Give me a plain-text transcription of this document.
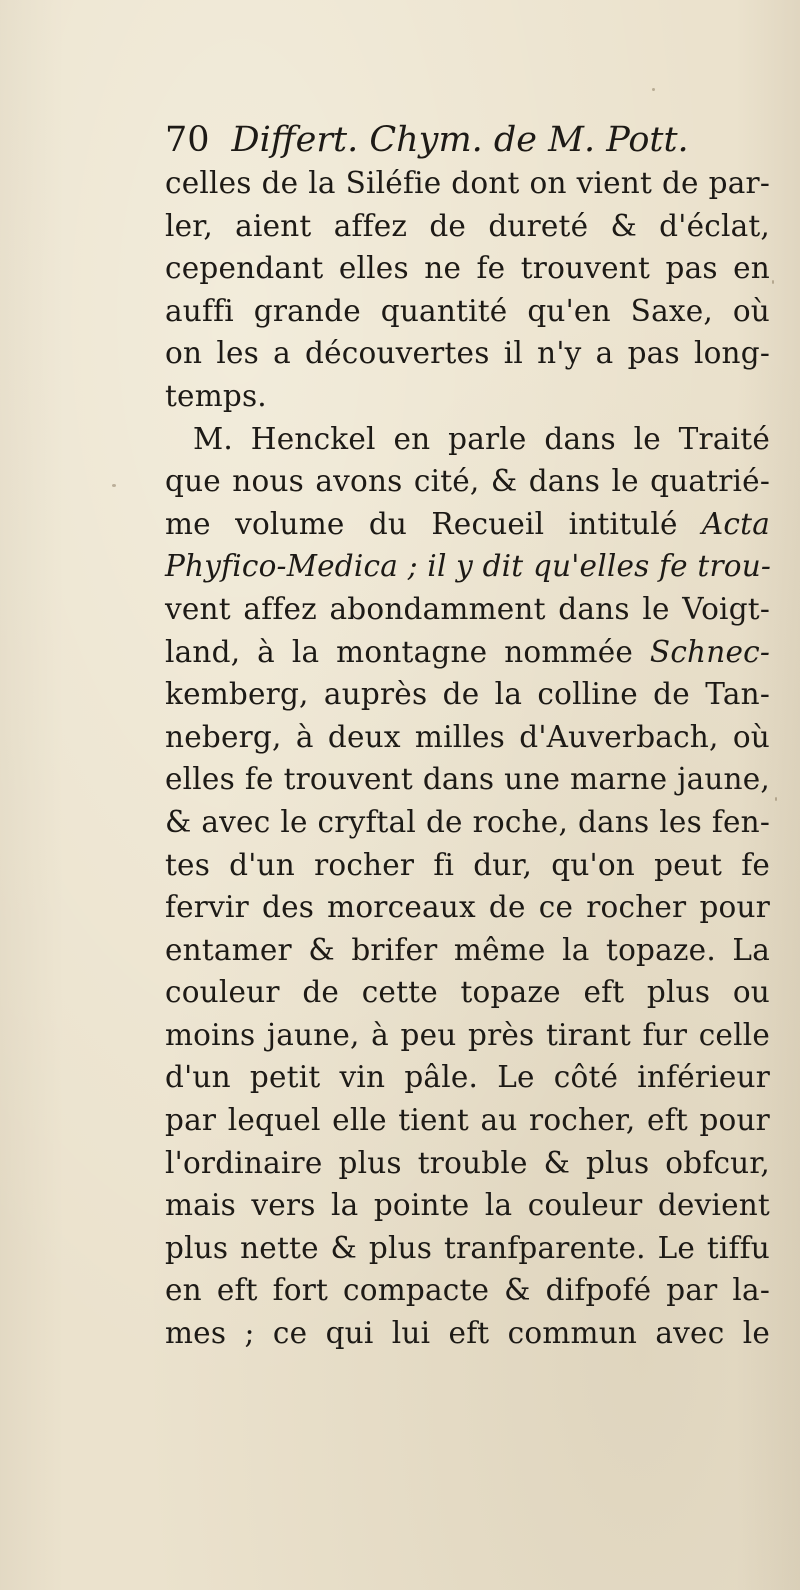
70 Differt. Chym. de M. Pott.
celles de la Siléfie dont on vient de par-
ler, aient affez de dureté & d'éclat,
cependant elles ne fe trouvent pas en
auffi grande quantité qu'en Saxe, où
on les a découvertes il n'y a pas long-
temps.
M. Henckel en parle dans le Traité
que nous avons cité, & dans le quatrié-
me volume du Recueil intitulé Acta
Phyfico-Medica ; il y dit qu'elles fe trou-
vent affez abondamment dans le Voigt-
land, à la montagne nommée Schnec-
kemberg, auprès de la colline de Tan-
neberg, à deux milles d'Auverbach, où
elles fe trouvent dans une marne jaune,
& avec le cryftal de roche, dans les fen-
tes d'un rocher fi dur, qu'on peut fe
fervir des morceaux de ce rocher pour
entamer & brifer même la topaze. La
couleur de cette topaze eft plus ou
moins jaune, à peu près tirant fur celle
d'un petit vin pâle. Le côté inférieur
par lequel elle tient au rocher, eft pour
l'ordinaire plus trouble & plus obfcur,
mais vers la pointe la couleur devient
plus nette & plus tranfparente. Le tiffu
en eft fort compacte & difpofé par la-
mes ; ce qui lui eft commun avec le
